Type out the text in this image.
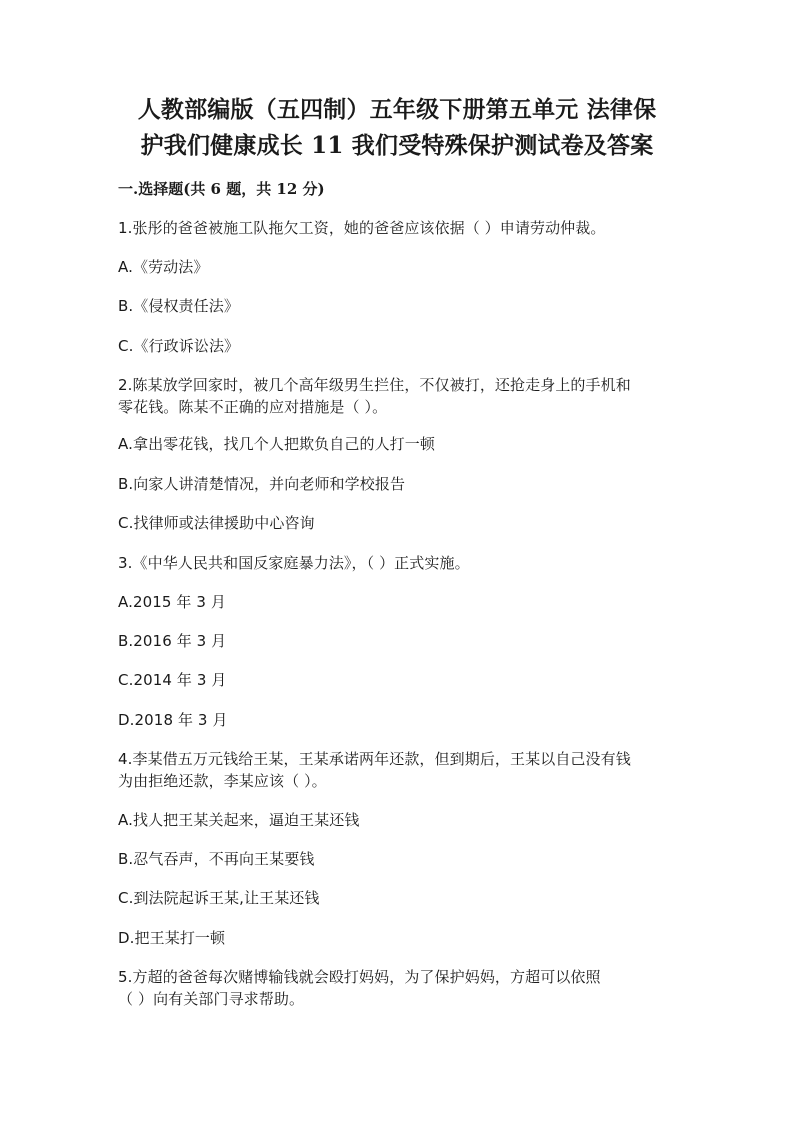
人教部编版（五四制）五年级下册第五单元 法律保
护我们健康成长 11 我们受特殊保护测试卷及答案
一.选择题(共 6 题，共 12 分)
1.张彤的爸爸被施工队拖欠工资，她的爸爸应该依据（ ）申请劳动仲裁。
A.《劳动法》
B.《侵权责任法》
C.《行政诉讼法》
2.陈某放学回家时，被几个高年级男生拦住，不仅被打，还抢走身上的手机和
零花钱。陈某不正确的应对措施是（ ）。
A.拿出零花钱，找几个人把欺负自己的人打一顿
B.向家人讲清楚情况，并向老师和学校报告
C.找律师或法律援助中心咨询
3.《中华人民共和国反家庭暴力法》，（ ）正式实施。
A.2015 年 3 月
B.2016 年 3 月
C.2014 年 3 月
D.2018 年 3 月
4.李某借五万元钱给王某，王某承诺两年还款，但到期后，王某以自己没有钱
为由拒绝还款，李某应该（ ）。
A.找人把王某关起来，逼迫王某还钱
B.忍气吞声，不再向王某要钱
C.到法院起诉王某,让王某还钱
D.把王某打一顿
5.方超的爸爸每次赌博输钱就会殴打妈妈，为了保护妈妈，方超可以依照
（ ）向有关部门寻求帮助。
